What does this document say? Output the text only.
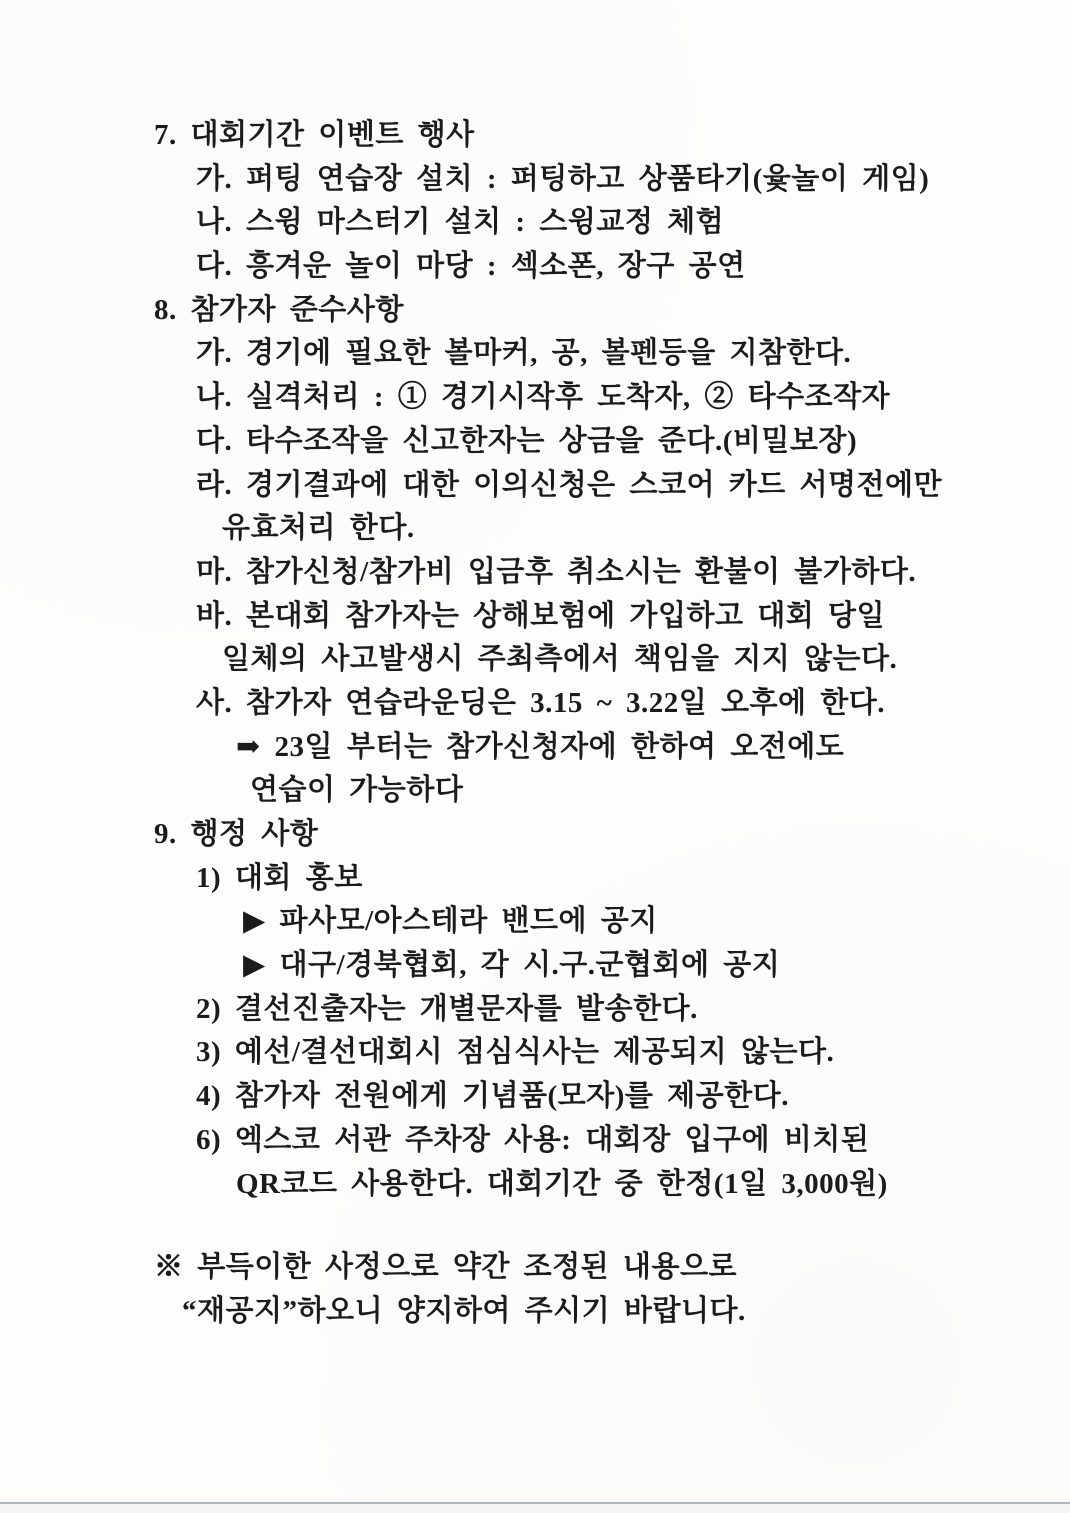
7. 대회기간 이벤트 행사
가. 퍼팅 연습장 설치 : 퍼팅하고 상품타기(윷놀이 게임)
나. 스윙 마스터기 설치 : 스윙교정 체험
다. 흥겨운 놀이 마당 : 섹소폰, 장구 공연
8. 참가자 준수사항
가. 경기에 필요한 볼마커, 공, 볼펜등을 지참한다.
나. 실격처리 : ① 경기시작후 도착자, ② 타수조작자
다. 타수조작을 신고한자는 상금을 준다.(비밀보장)
라. 경기결과에 대한 이의신청은 스코어 카드 서명전에만
유효처리 한다.
마. 참가신청/참가비 입금후 취소시는 환불이 불가하다.
바. 본대회 참가자는 상해보험에 가입하고 대회 당일
일체의 사고발생시 주최측에서 책임을 지지 않는다.
사. 참가자 연습라운딩은 3.15 ~ 3.22일 오후에 한다.
➡ 23일 부터는 참가신청자에 한하여 오전에도
연습이 가능하다
9. 행정 사항
1) 대회 홍보
▶ 파사모/아스테라 밴드에 공지
▶ 대구/경북협회, 각 시.구.군협회에 공지
2) 결선진출자는 개별문자를 발송한다.
3) 예선/결선대회시 점심식사는 제공되지 않는다.
4) 참가자 전원에게 기념품(모자)를 제공한다.
6) 엑스코 서관 주차장 사용: 대회장 입구에 비치된
QR코드 사용한다. 대회기간 중 한정(1일 3,000원)
※ 부득이한 사정으로 약간 조정된 내용으로
“재공지”하오니 양지하여 주시기 바랍니다.
